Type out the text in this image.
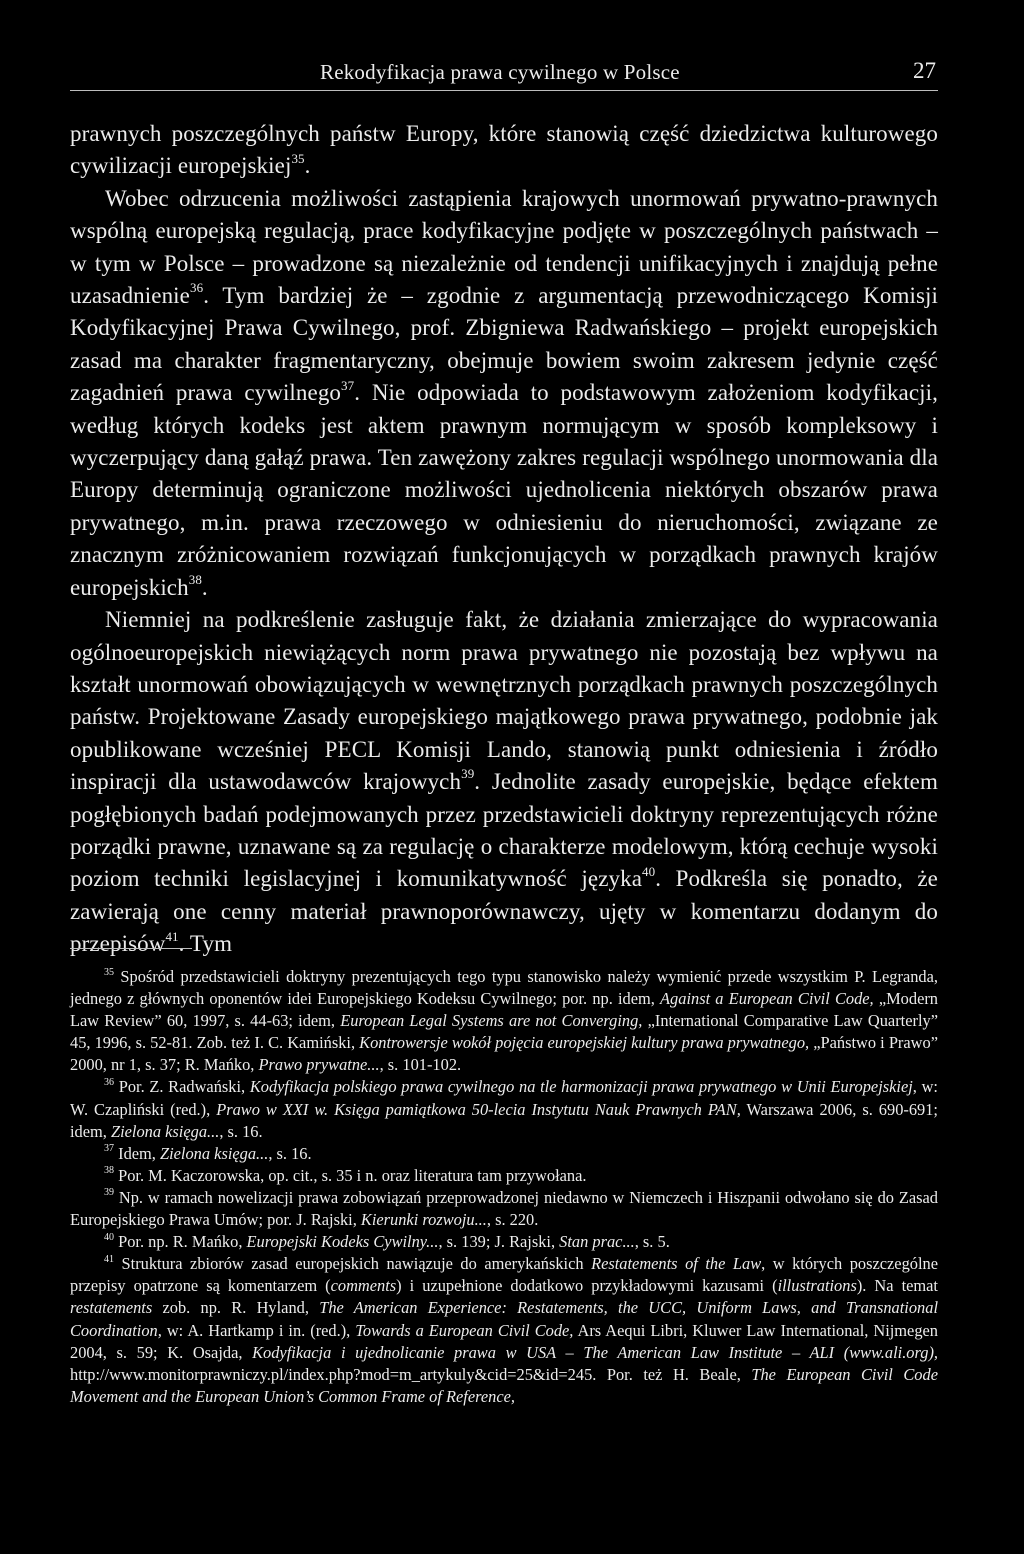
Rekodyfikacja prawa cywilnego w Polsce	27

prawnych poszczególnych państw Europy, które stanowią część dziedzictwa kulturowego cywilizacji europejskiej$^{35}$.

Wobec odrzucenia możliwości zastąpienia krajowych unormowań prywatno-prawnych wspólną europejską regulacją, prace kodyfikacyjne podjęte w poszczególnych państwach – w tym w Polsce – prowadzone są niezależnie od tendencji unifikacyjnych i znajdują pełne uzasadnienie$^{36}$. Tym bardziej że – zgodnie z argumentacją przewodniczącego Komisji Kodyfikacyjnej Prawa Cywilnego, prof. Zbigniewa Radwańskiego – projekt europejskich zasad ma charakter fragmentaryczny, obejmuje bowiem swoim zakresem jedynie część zagadnień prawa cywilnego$^{37}$. Nie odpowiada to podstawowym założeniom kodyfikacji, według których kodeks jest aktem prawnym normującym w sposób kompleksowy i wyczerpujący daną gałąź prawa. Ten zawężony zakres regulacji wspólnego unormowania dla Europy determinują ograniczone możliwości ujednolicenia niektórych obszarów prawa prywatnego, m.in. prawa rzeczowego w odniesieniu do nieruchomości, związane ze znacznym zróżnicowaniem rozwiązań funkcjonujących w porządkach prawnych krajów europejskich$^{38}$.

Niemniej na podkreślenie zasługuje fakt, że działania zmierzające do wypracowania ogólnoeuropejskich niewiążących norm prawa prywatnego nie pozostają bez wpływu na kształt unormowań obowiązujących w wewnętrznych porządkach prawnych poszczególnych państw. Projektowane Zasady europejskiego majątkowego prawa prywatnego, podobnie jak opublikowane wcześniej PECL Komisji Lando, stanowią punkt odniesienia i źródło inspiracji dla ustawodawców krajowych$^{39}$. Jednolite zasady europejskie, będące efektem pogłębionych badań podejmowanych przez przedstawicieli doktryny reprezentujących różne porządki prawne, uznawane są za regulację o charakterze modelowym, którą cechuje wysoki poziom techniki legislacyjnej i komunikatywność języka$^{40}$. Podkreśla się ponadto, że zawierają one cenny materiał prawnoporównawczy, ujęty w komentarzu dodanym do przepisów$^{41}$. Tym

$^{35}$ Spośród przedstawicieli doktryny prezentujących tego typu stanowisko należy wymienić przede wszystkim P. Legranda, jednego z głównych oponentów idei Europejskiego Kodeksu Cywilnego; por. np. idem, Against a European Civil Code, „Modern Law Review” 60, 1997, s. 44-63; idem, European Legal Systems are not Converging, „International Comparative Law Quarterly” 45, 1996, s. 52-81. Zob. też I. C. Kamiński, Kontrowersje wokół pojęcia europejskiej kultury prawa prywatnego, „Państwo i Prawo” 2000, nr 1, s. 37; R. Mańko, Prawo prywatne..., s. 101-102.

$^{36}$ Por. Z. Radwański, Kodyfikacja polskiego prawa cywilnego na tle harmonizacji prawa prywatnego w Unii Europejskiej, w: W. Czapliński (red.), Prawo w XXI w. Księga pamiątkowa 50-lecia Instytutu Nauk Prawnych PAN, Warszawa 2006, s. 690-691; idem, Zielona księga..., s. 16.

$^{37}$ Idem, Zielona księga..., s. 16.

$^{38}$ Por. M. Kaczorowska, op. cit., s. 35 i n. oraz literatura tam przywołana.

$^{39}$ Np. w ramach nowelizacji prawa zobowiązań przeprowadzonej niedawno w Niemczech i Hiszpanii odwołano się do Zasad Europejskiego Prawa Umów; por. J. Rajski, Kierunki rozwoju..., s. 220.

$^{40}$ Por. np. R. Mańko, Europejski Kodeks Cywilny..., s. 139; J. Rajski, Stan prac..., s. 5.

$^{41}$ Struktura zbiorów zasad europejskich nawiązuje do amerykańskich Restatements of the Law, w których poszczególne przepisy opatrzone są komentarzem (comments) i uzupełnione dodatkowo przykładowymi kazusami (illustrations). Na temat restatements zob. np. R. Hyland, The American Experience: Restatements, the UCC, Uniform Laws, and Transnational Coordination, w: A. Hartkamp i in. (red.), Towards a European Civil Code, Ars Aequi Libri, Kluwer Law International, Nijmegen 2004, s. 59; K. Osajda, Kodyfikacja i ujednolicanie prawa w USA – The American Law Institute – ALI (www.ali.org), http://www.monitorprawniczy.pl/index.php?mod=m_artykuly&cid=25&id=245. Por. też H. Beale, The European Civil Code Movement and the European Union’s Common Frame of Reference,
